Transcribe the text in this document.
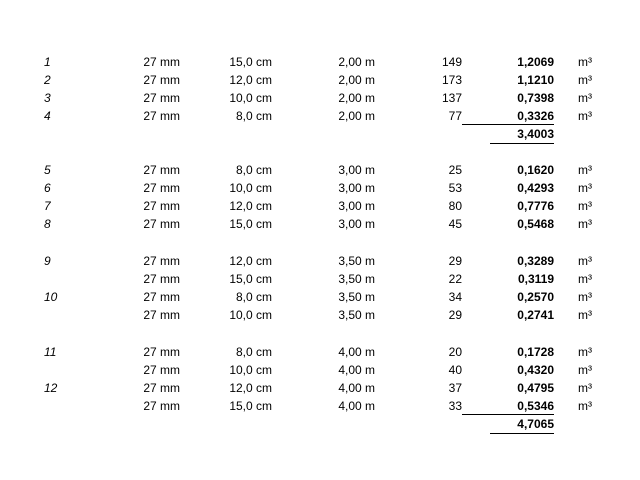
1	27 mm	15,0 cm	2,00 m	149	1,2069 m³
2	27 mm	12,0 cm	2,00 m	173	1,1210 m³
3	27 mm	10,0 cm	2,00 m	137	0,7398 m³
4	27 mm	8,0 cm	2,00 m	77	0,3326 m³
3,4003
5	27 mm	8,0 cm	3,00 m	25	0,1620 m³
6	27 mm	10,0 cm	3,00 m	53	0,4293 m³
7	27 mm	12,0 cm	3,00 m	80	0,7776 m³
8	27 mm	15,0 cm	3,00 m	45	0,5468 m³
9	27 mm	12,0 cm	3,50 m	29	0,3289 m³
27 mm	15,0 cm	3,50 m	22	0,3119 m³
10	27 mm	8,0 cm	3,50 m	34	0,2570 m³
27 mm	10,0 cm	3,50 m	29	0,2741 m³
11	27 mm	8,0 cm	4,00 m	20	0,1728 m³
27 mm	10,0 cm	4,00 m	40	0,4320 m³
12	27 mm	12,0 cm	4,00 m	37	0,4795 m³
27 mm	15,0 cm	4,00 m	33	0,5346 m³
4,7065
